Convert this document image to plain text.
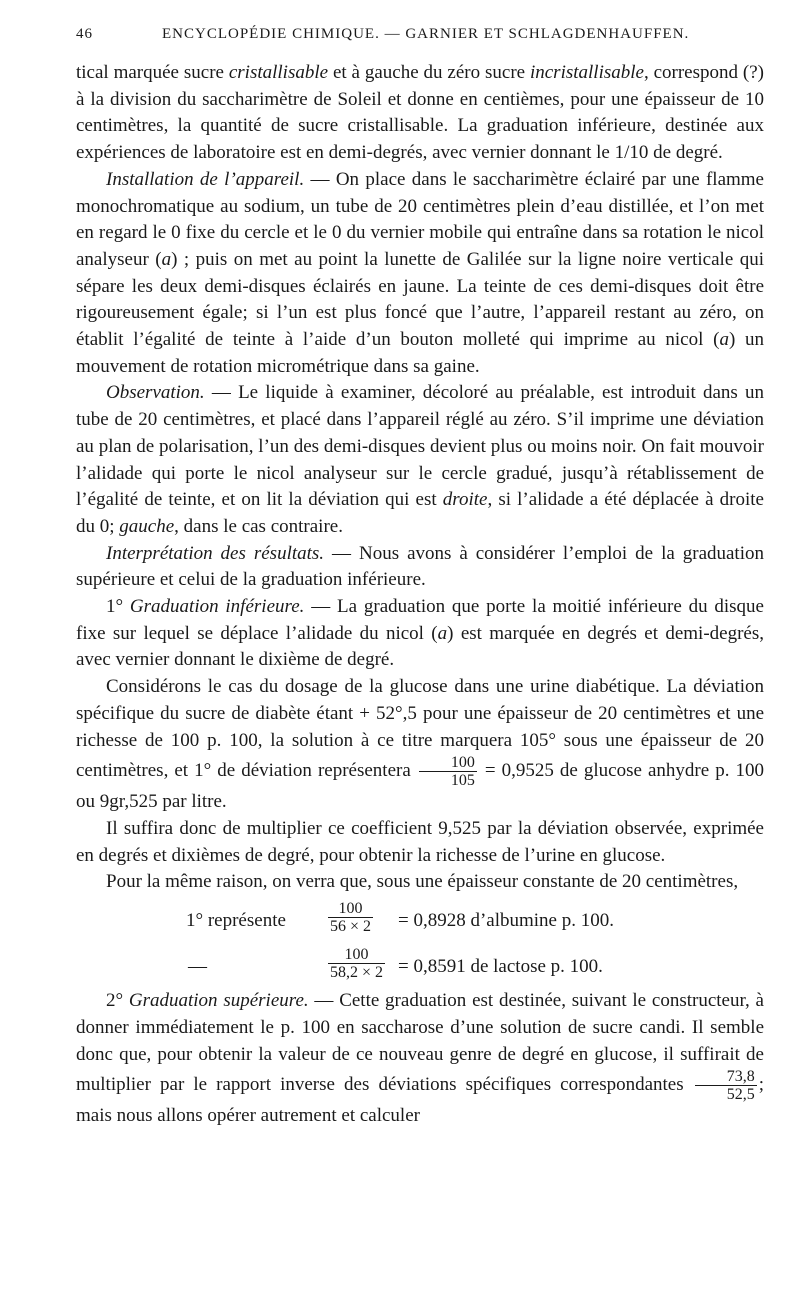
46	ENCYCLOPÉDIE CHIMIQUE. — GARNIER ET SCHLAGDENHAUFFEN.

tical marquée sucre cristallisable et à gauche du zéro sucre incristallisable, correspond (?) à la division du saccharimètre de Soleil et donne en centièmes, pour une épaisseur de 10 centimètres, la quantité de sucre cristallisable. La graduation inférieure, destinée aux expériences de laboratoire est en demi-degrés, avec vernier donnant le 1/10 de degré.

Installation de l’appareil. — On place dans le saccharimètre éclairé par une flamme monochromatique au sodium, un tube de 20 centimètres plein d’eau distillée, et l’on met en regard le 0 fixe du cercle et le 0 du vernier mobile qui entraîne dans sa rotation le nicol analyseur (a) ; puis on met au point la lunette de Galilée sur la ligne noire verticale qui sépare les deux demi-disques éclairés en jaune. La teinte de ces demi-disques doit être rigoureusement égale; si l’un est plus foncé que l’autre, l’appareil restant au zéro, on établit l’égalité de teinte à l’aide d’un bouton molleté qui imprime au nicol (a) un mouvement de rotation micrométrique dans sa gaine.

Observation. — Le liquide à examiner, décoloré au préalable, est introduit dans un tube de 20 centimètres, et placé dans l’appareil réglé au zéro. S’il imprime une déviation au plan de polarisation, l’un des demi-disques devient plus ou moins noir. On fait mouvoir l’alidade qui porte le nicol analyseur sur le cercle gradué, jusqu’à rétablissement de l’égalité de teinte, et on lit la déviation qui est droite, si l’alidade a été déplacée à droite du 0; gauche, dans le cas contraire.

Interprétation des résultats. — Nous avons à considérer l’emploi de la graduation supérieure et celui de la graduation inférieure.

1° Graduation inférieure. — La graduation que porte la moitié inférieure du disque fixe sur lequel se déplace l’alidade du nicol (a) est marquée en degrés et demi-degrés, avec vernier donnant le dixième de degré.

Considérons le cas du dosage de la glucose dans une urine diabétique. La déviation spécifique du sucre de diabète étant + 52°,5 pour une épaisseur de 20 centimètres et une richesse de 100 p. 100, la solution à ce titre marquera 105° sous une épaisseur de 20 centimètres, et 1° de déviation représentera $\frac{100}{105} = 0,9525$ de glucose anhydre p. 100 ou 9gr,525 par litre.

Il suffira donc de multiplier ce coefficient 9,525 par la déviation observée, exprimée en degrés et dixièmes de degré, pour obtenir la richesse de l’urine en glucose.

Pour la même raison, on verra que, sous une épaisseur constante de 20 centimètres,

1° représente	$\frac{100}{56 \times 2} = 0,8928$ d’albumine p. 100.
—	$\frac{100}{58,2 \times 2} = 0,8591$ de lactose p. 100.

2° Graduation supérieure. — Cette graduation est destinée, suivant le constructeur, à donner immédiatement le p. 100 en saccharose d’une solution de sucre candi. Il semble donc que, pour obtenir la valeur de ce nouveau genre de degré en glucose, il suffirait de multiplier par le rapport inverse des déviations spécifiques correspondantes $\frac{73,8}{52,5}$ ; mais nous allons opérer autrement et calculer
